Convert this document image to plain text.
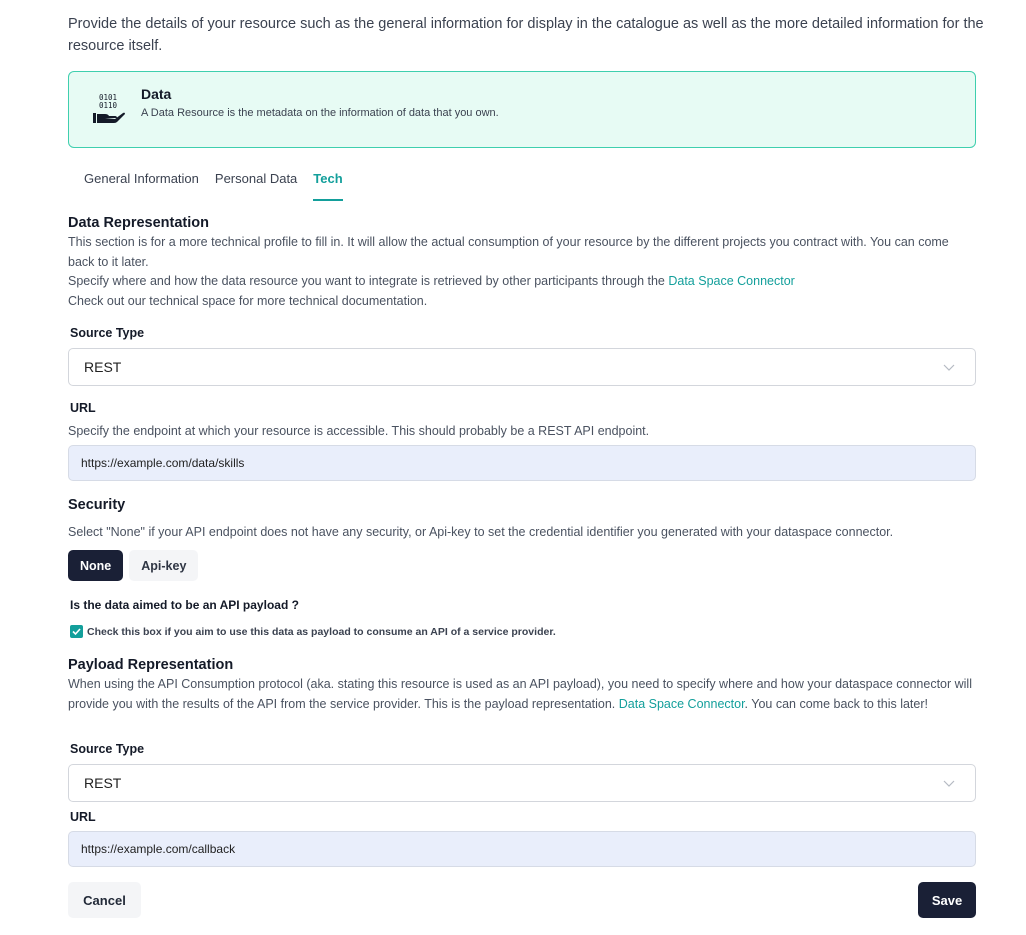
Provide the details of your resource such as the general information for display in the catalogue as well as the more detailed information for the resource itself.

0101
0110
Data
A Data Resource is the metadata on the information of data that you own.
General Information Personal Data Tech
Data Representation
This section is for a more technical profile to fill in. It will allow the actual consumption of your resource by the different projects you contract with. You can come back to it later.
Specify where and how the data resource you want to integrate is retrieved by other participants through the Data Space Connector
Check out our technical space for more technical documentation.
Source Type
REST
URL
Specify the endpoint at which your resource is accessible. This should probably be a REST API endpoint.
https://example.com/data/skills
Security
Select "None" if your API endpoint does not have any security, or Api-key to set the credential identifier you generated with your dataspace connector.
None	Api-key
Is the data aimed to be an API payload ?
Check this box if you aim to use this data as payload to consume an API of a service provider.
Payload Representation
When using the API Consumption protocol (aka. stating this resource is used as an API payload), you need to specify where and how your dataspace connector will provide you with the results of the API from the service provider. This is the payload representation. Data Space Connector. You can come back to this later!
Source Type
REST
URL
https://example.com/callback
Cancel	Save
